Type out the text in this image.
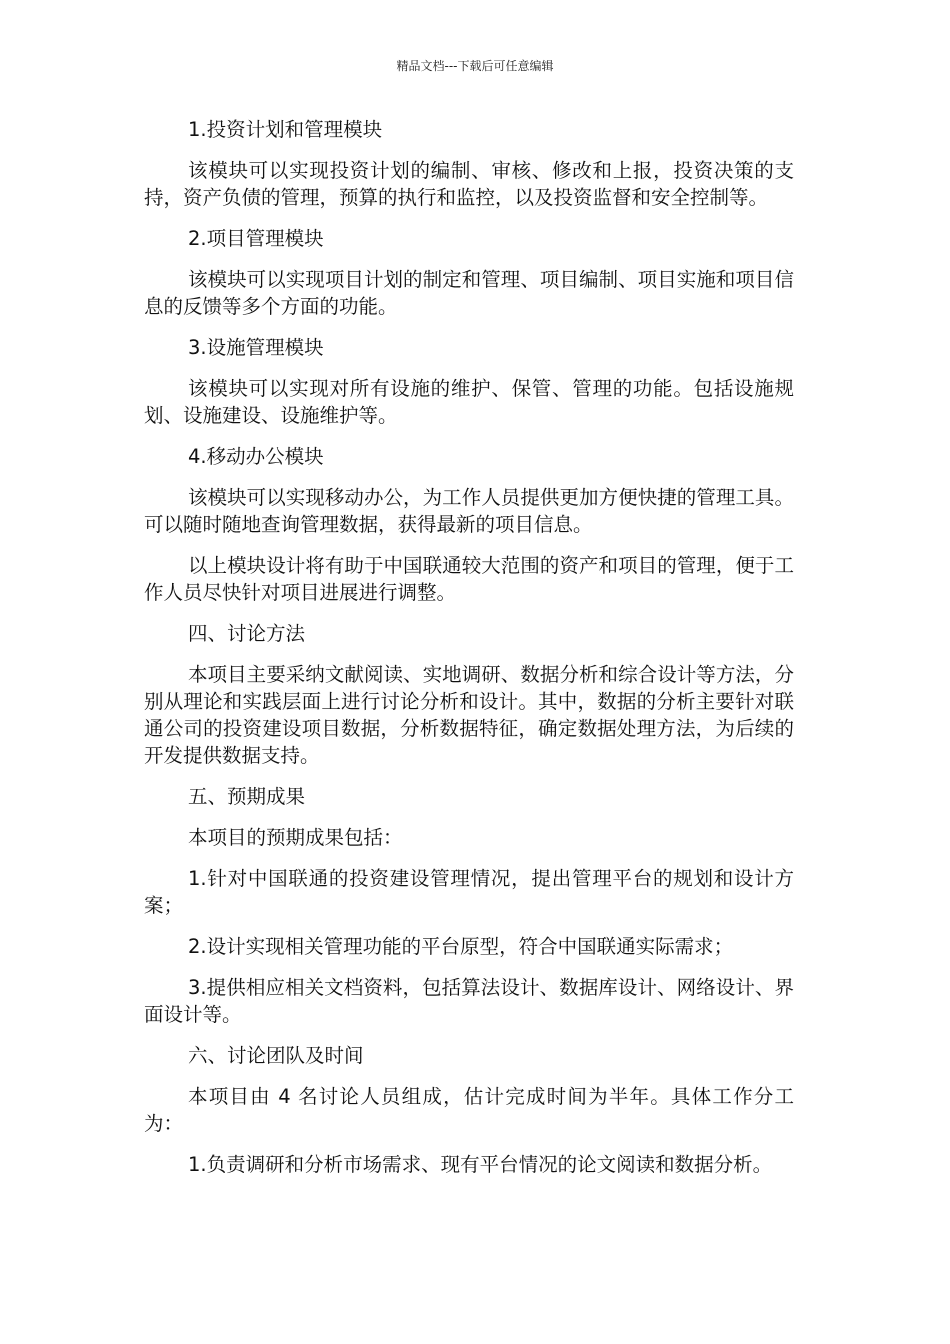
精品文档---下载后可任意编辑

1.投资计划和管理模块

该模块可以实现投资计划的编制、审核、修改和上报，投资决策的支持，资产负债的管理，预算的执行和监控，以及投资监督和安全控制等。

2.项目管理模块

该模块可以实现项目计划的制定和管理、项目编制、项目实施和项目信息的反馈等多个方面的功能。

3.设施管理模块

该模块可以实现对所有设施的维护、保管、管理的功能。包括设施规划、设施建设、设施维护等。

4.移动办公模块

该模块可以实现移动办公，为工作人员提供更加方便快捷的管理工具。可以随时随地查询管理数据，获得最新的项目信息。

以上模块设计将有助于中国联通较大范围的资产和项目的管理，便于工作人员尽快针对项目进展进行调整。

四、讨论方法

本项目主要采纳文献阅读、实地调研、数据分析和综合设计等方法，分别从理论和实践层面上进行讨论分析和设计。其中，数据的分析主要针对联通公司的投资建设项目数据，分析数据特征，确定数据处理方法，为后续的开发提供数据支持。

五、预期成果

本项目的预期成果包括：

1.针对中国联通的投资建设管理情况，提出管理平台的规划和设计方案；

2.设计实现相关管理功能的平台原型，符合中国联通实际需求；

3.提供相应相关文档资料，包括算法设计、数据库设计、网络设计、界面设计等。

六、讨论团队及时间

本项目由 4 名讨论人员组成，估计完成时间为半年。具体工作分工为：

1.负责调研和分析市场需求、现有平台情况的论文阅读和数据分析。
